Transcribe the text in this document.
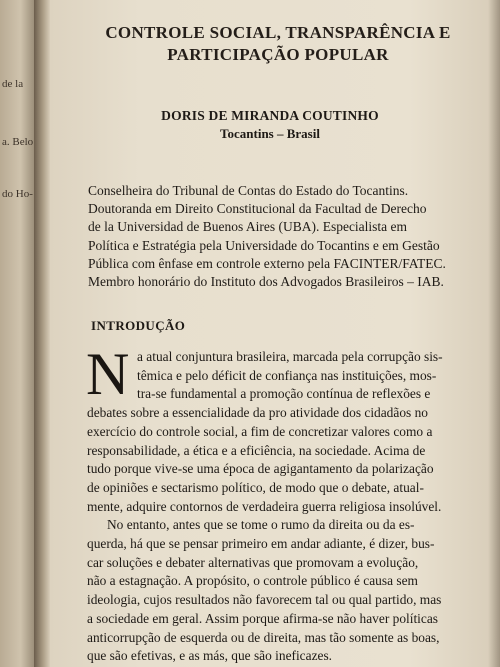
de la
a. Belo
do Ho-
CONTROLE SOCIAL, TRANSPARÊNCIA E
PARTICIPAÇÃO POPULAR
DORIS DE MIRANDA COUTINHO
Tocantins – Brasil
Conselheira do Tribunal de Contas do Estado do Tocantins.
Doutoranda em Direito Constitucional da Facultad de Derecho
de la Universidad de Buenos Aires (UBA). Especialista em
Política e Estratégia pela Universidade do Tocantins e em Gestão
Pública com ênfase em controle externo pela FACINTER/FATEC.
Membro honorário do Instituto dos Advogados Brasileiros – IAB.
INTRODUÇÃO
N a atual conjuntura brasileira, marcada pela corrupção sis-
têmica e pelo déficit de confiança nas instituições, mos-
tra-se fundamental a promoção contínua de reflexões e
debates sobre a essencialidade da pro atividade dos cidadãos no
exercício do controle social, a fim de concretizar valores como a
responsabilidade, a ética e a eficiência, na sociedade. Acima de
tudo porque vive-se uma época de agigantamento da polarização
de opiniões e sectarismo político, de modo que o debate, atual-
mente, adquire contornos de verdadeira guerra religiosa insolúvel.
No entanto, antes que se tome o rumo da direita ou da es-
querda, há que se pensar primeiro em andar adiante, é dizer, bus-
car soluções e debater alternativas que promovam a evolução,
não a estagnação. A propósito, o controle público é causa sem
ideologia, cujos resultados não favorecem tal ou qual partido, mas
a sociedade em geral. Assim porque afirma-se não haver políticas
anticorrupção de esquerda ou de direita, mas tão somente as boas,
que são efetivas, e as más, que são ineficazes.
